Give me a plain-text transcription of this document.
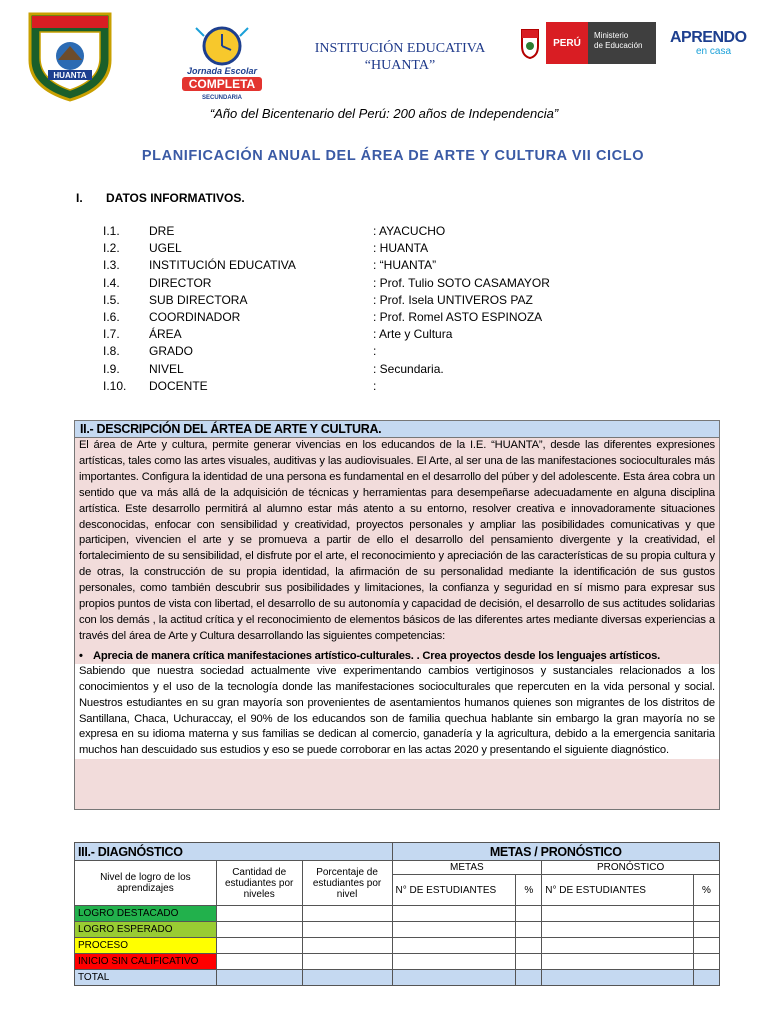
HUANTA	Jornada Escolar
COMPLETA
SECUNDARIA
INSTITUCIÓN EDUCATIVA
“HUANTA”
PERÚ
Ministerio
de Educación APRENDO
en casa
“Año del Bicentenario del Perú: 200 años de Independencia”
PLANIFICACIÓN ANUAL DEL ÁREA DE ARTE Y CULTURA VII CICLO
I. DATOS INFORMATIVOS.
I.1. DRE	: AYACUCHO
I.2. UGEL	: HUANTA
I.3. INSTITUCIÓN EDUCATIVA	: “HUANTA”
I.4. DIRECTOR	: Prof. Tulio SOTO CASAMAYOR
I.5. SUB DIRECTORA	: Prof. Isela UNTIVEROS PAZ
I.6. COORDINADOR	: Prof. Romel ASTO ESPINOZA
I.7. ÁREA	: Arte y Cultura
I.8. GRADO	:
I.9. NIVEL	: Secundaria.
I.10. DOCENTE	:
II.- DESCRIPCIÓN DEL ÁRTEA DE ARTE Y CULTURA.
El área de Arte y cultura, permite generar vivencias en los educandos de la I.E. “HUANTA”, desde las diferentes expresiones artísticas, tales como las artes visuales, auditivas y las audiovisuales. El Arte, al ser una de las manifestaciones socioculturales más importantes. Configura la identidad de una persona es fundamental en el desarrollo del púber y del adolescente. Esta área cobra un sentido que va más allá de la adquisición de técnicas y herramientas para desempeñarse adecuadamente en alguna disciplina artística. Este desarrollo permitirá al alumno estar más atento a su entorno, resolver creativa e innovadoramente situaciones desconocidas, enfocar con sensibilidad y creatividad, proyectos personales y ampliar las posibilidades comunicativas y que participen, vivencien el arte y se promueva a partir de ello el desarrollo del pensamiento divergente y la creatividad, el fortalecimiento de su sensibilidad, el disfrute por el arte, el reconocimiento y apreciación de las características de su propia cultura y de otras, la construcción de su propia identidad, la afirmación de su personalidad mediante la identificación de sus gustos personales, como también descubrir sus posibilidades y limitaciones, la confianza y seguridad en sí mismo para expresar sus propios puntos de vista con libertad, el desarrollo de su autonomía y capacidad de decisión, el desarrollo de sus actitudes solidarias con los demás , la actitud crítica y el reconocimiento de elementos básicos de las diferentes artes mediante diversas experiencias a través del área de Arte y Cultura desarrollando las siguientes competencias:
• Aprecia de manera crítica manifestaciones artístico-culturales. . Crea proyectos desde los lenguajes artísticos.
Sabiendo que nuestra sociedad actualmente vive experimentando cambios vertiginosos y sustanciales relacionados a los conocimientos y el uso de la tecnología donde las manifestaciones socioculturales que repercuten en la vida personal y social. Nuestros estudiantes en su gran mayoría son provenientes de asentamientos humanos quienes son migrantes de los distritos de Santillana, Chaca, Uchuraccay, el 90% de los educandos son de familia quechua hablante sin embargo la gran mayoría no se expresa en su idioma materna y sus familias se dedican al comercio, ganadería y la agricultura, debido a la emergencia sanitaria muchos han descuidado sus estudios y eso se puede corroborar en las actas 2020 y presentando el siguiente diagnóstico.
III.- DIAGNÓSTICO			METAS / PRONÓSTICO			
Nivel de logro de los aprendizajes	Cantidad de estudiantes por niveles	Porcentaje de estudiantes por nivel	METAS		PRONÓSTICO	
			N° DE ESTUDIANTES	%	N° DE ESTUDIANTES	%
LOGRO DESTACADO						
LOGRO ESPERADO						
PROCESO						
INICIO SIN CALIFICATIVO						
TOTAL						
